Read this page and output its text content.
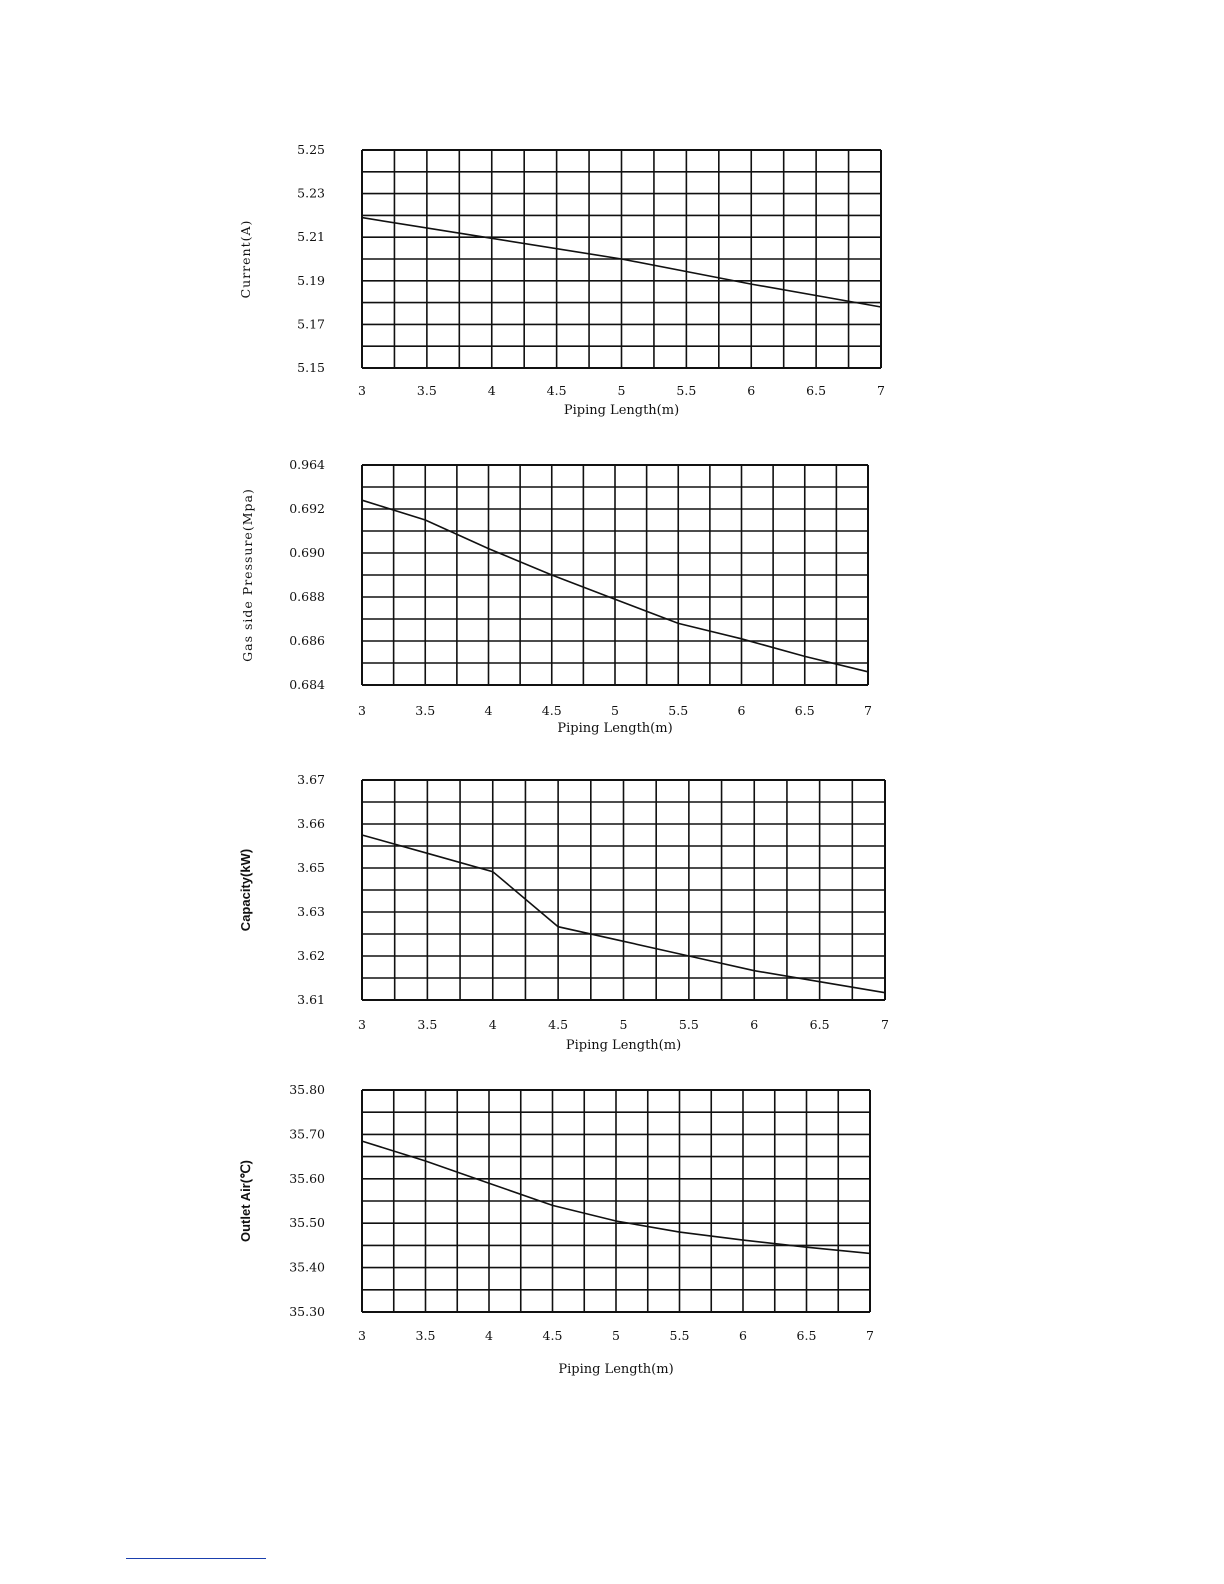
5.15
5.17
5.19
5.21
5.23
5.25
3	3.5	4	4.5	5	5.5	6	6.5	7
Piping Length(m)
Current(A)
0.684
0.686
0.688
0.690
0.692
0.964
3	3.5	4	4.5	5	5.5	6	6.5	7
Piping Length(m)
Gas side Pressure(Mpa)
3.61
3.62
3.63
3.65
3.66
3.67
3	3.5	4	4.5	5	5.5	6	6.5	7
Piping Length(m)
Capacity(kW)
35.30
35.40
35.50
35.60
35.70
35.80
3	3.5	4	4.5	5	5.5	6	6.5	7
Piping Length(m)
Outlet Air(℃)
